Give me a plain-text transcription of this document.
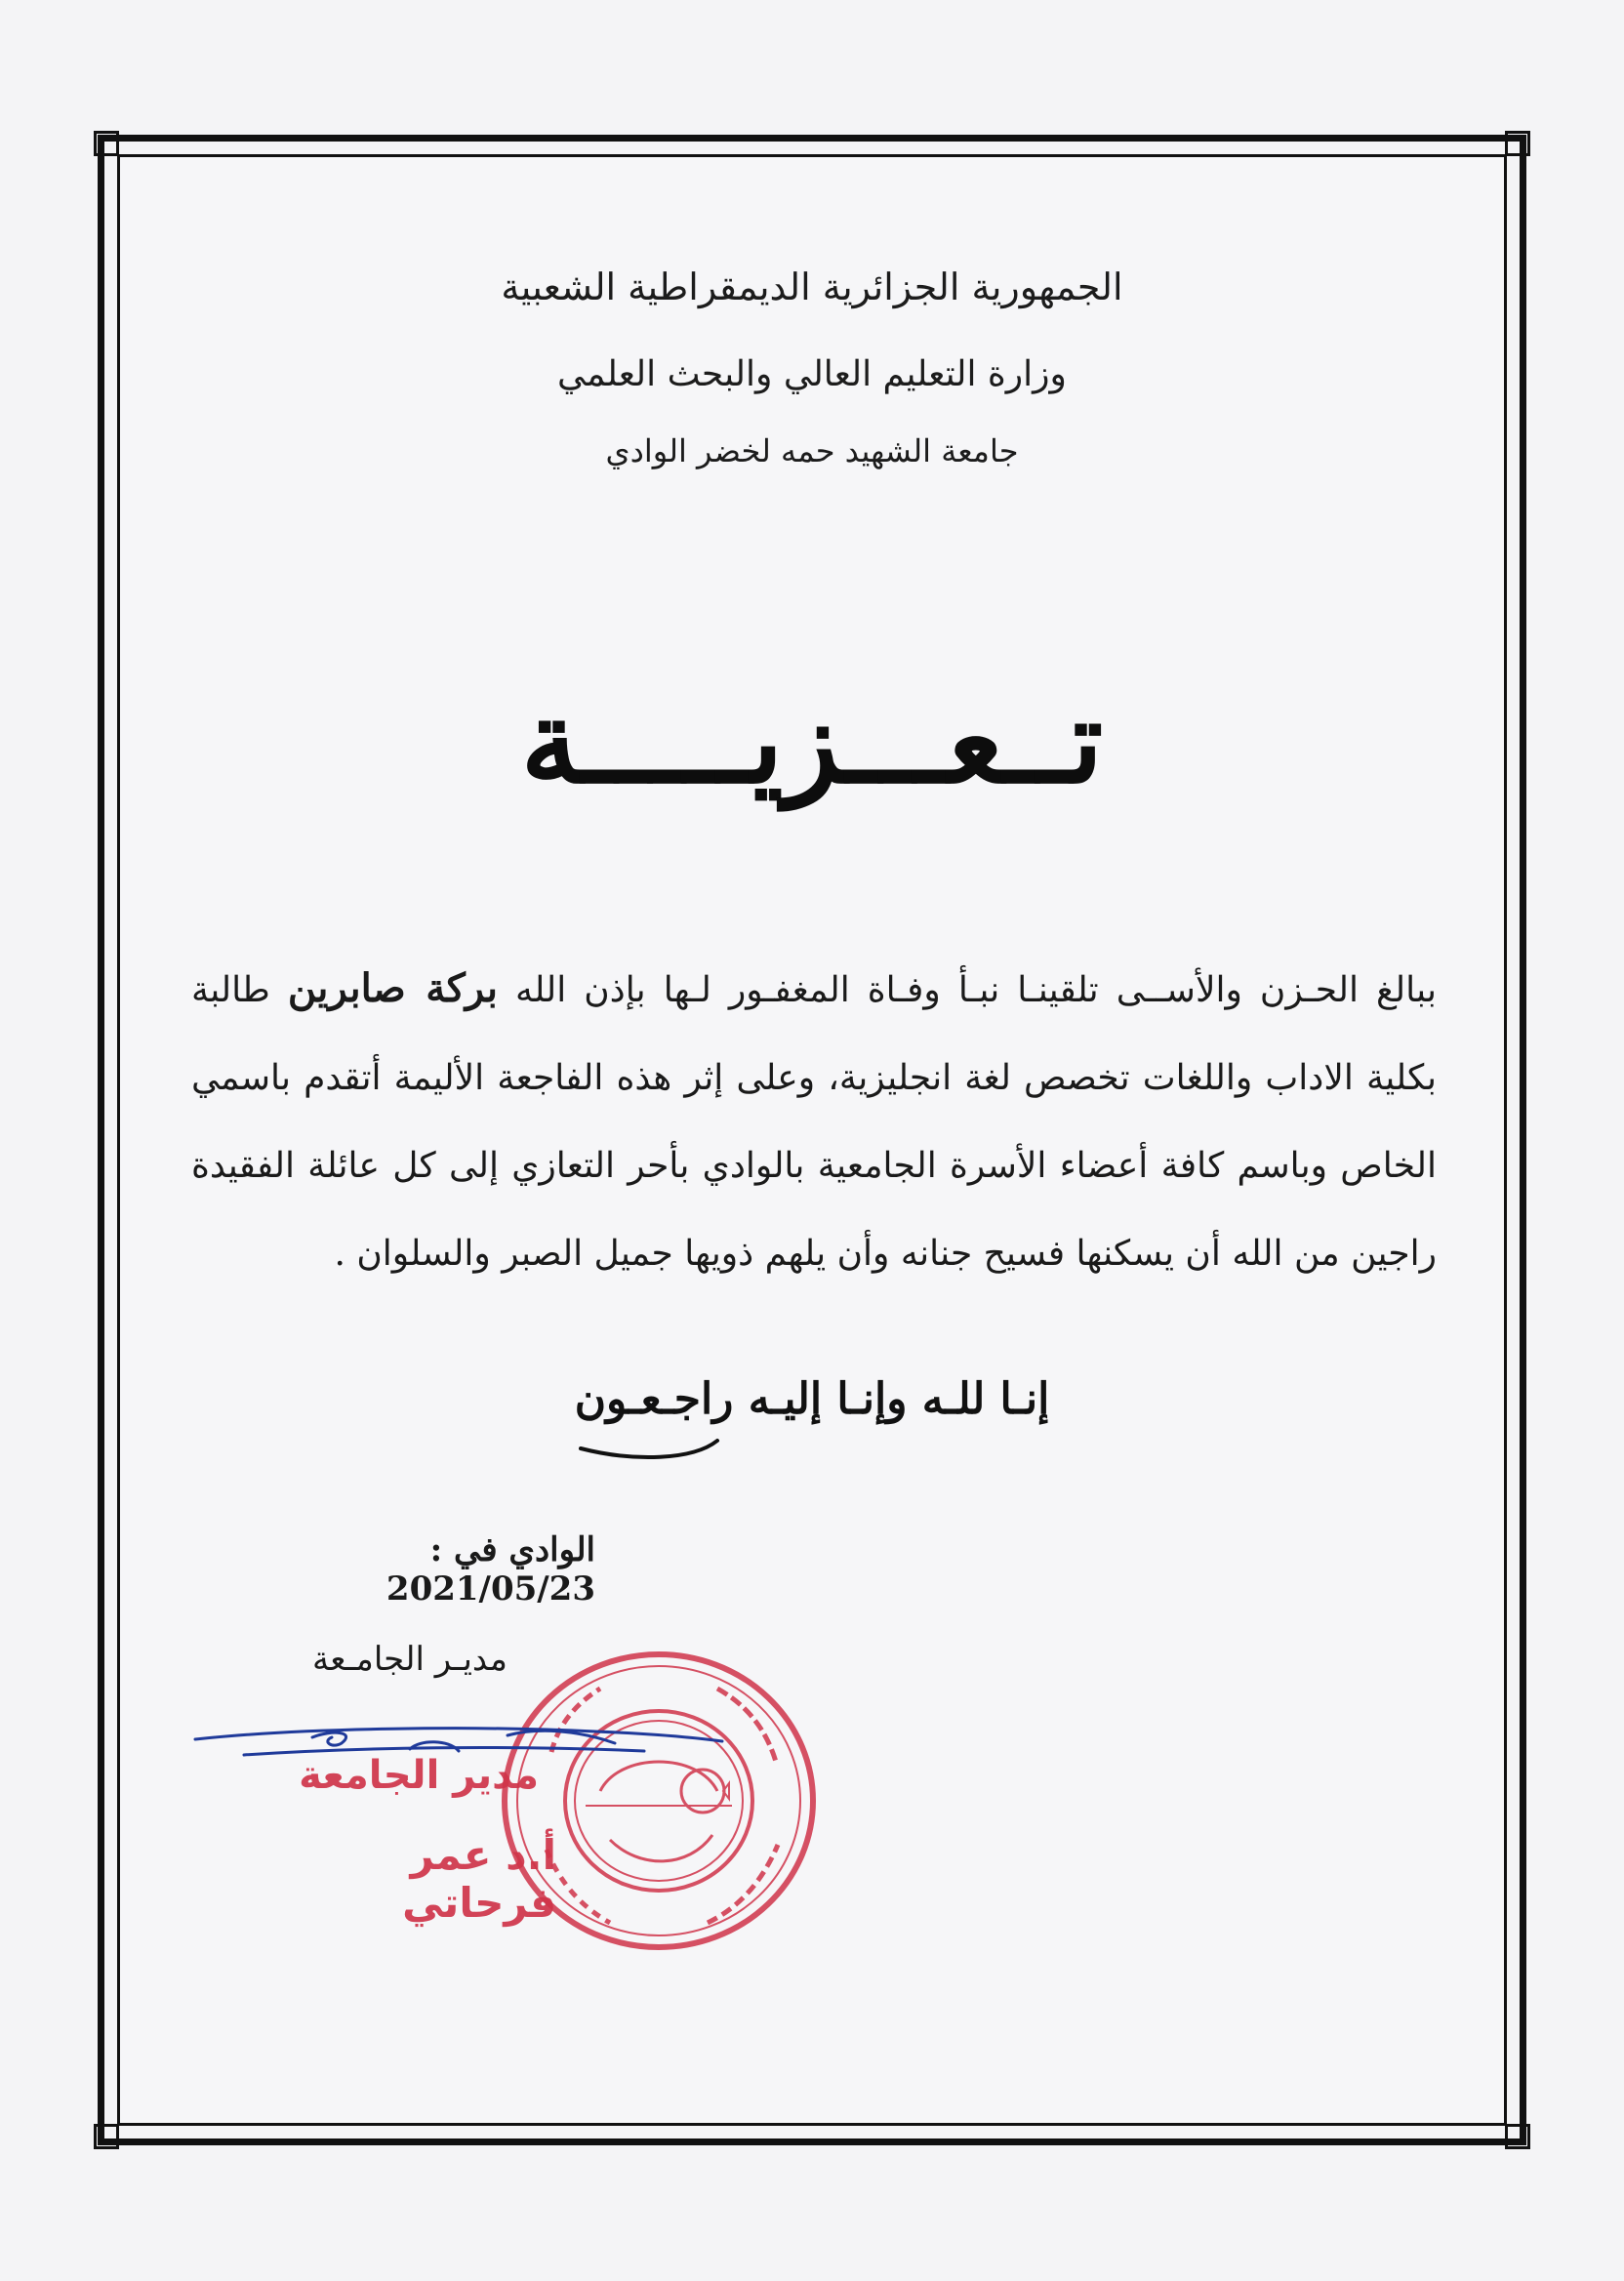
الجمهورية الجزائرية الديمقراطية الشعبية
وزارة التعليم العالي والبحث العلمي
جامعة الشهيد حمه لخضر الوادي
تــعـــزيـــــة
ببالغ الحـزن والأســى تلقينـا نبـأ وفـاة المغفـور لـها بإذن الله بركة صابرين طالبة بكلية الاداب واللغات تخصص لغة انجليزية، وعلى إثر هذه الفاجعة الأليمة أتقدم باسمي الخاص وباسم كافة أعضاء الأسرة الجامعية بالوادي بأحر التعازي إلى كل عائلة الفقيدة راجين من الله أن يسكنها فسيح جنانه وأن يلهم ذويها جميل الصبر والسلوان .
إنـا للـه وإنـا إليـه راجـعـون
الوادي في : 2021/05/23
مديـر الجامـعة
مدير الجامعة
أ.د عمر فرحاتي
